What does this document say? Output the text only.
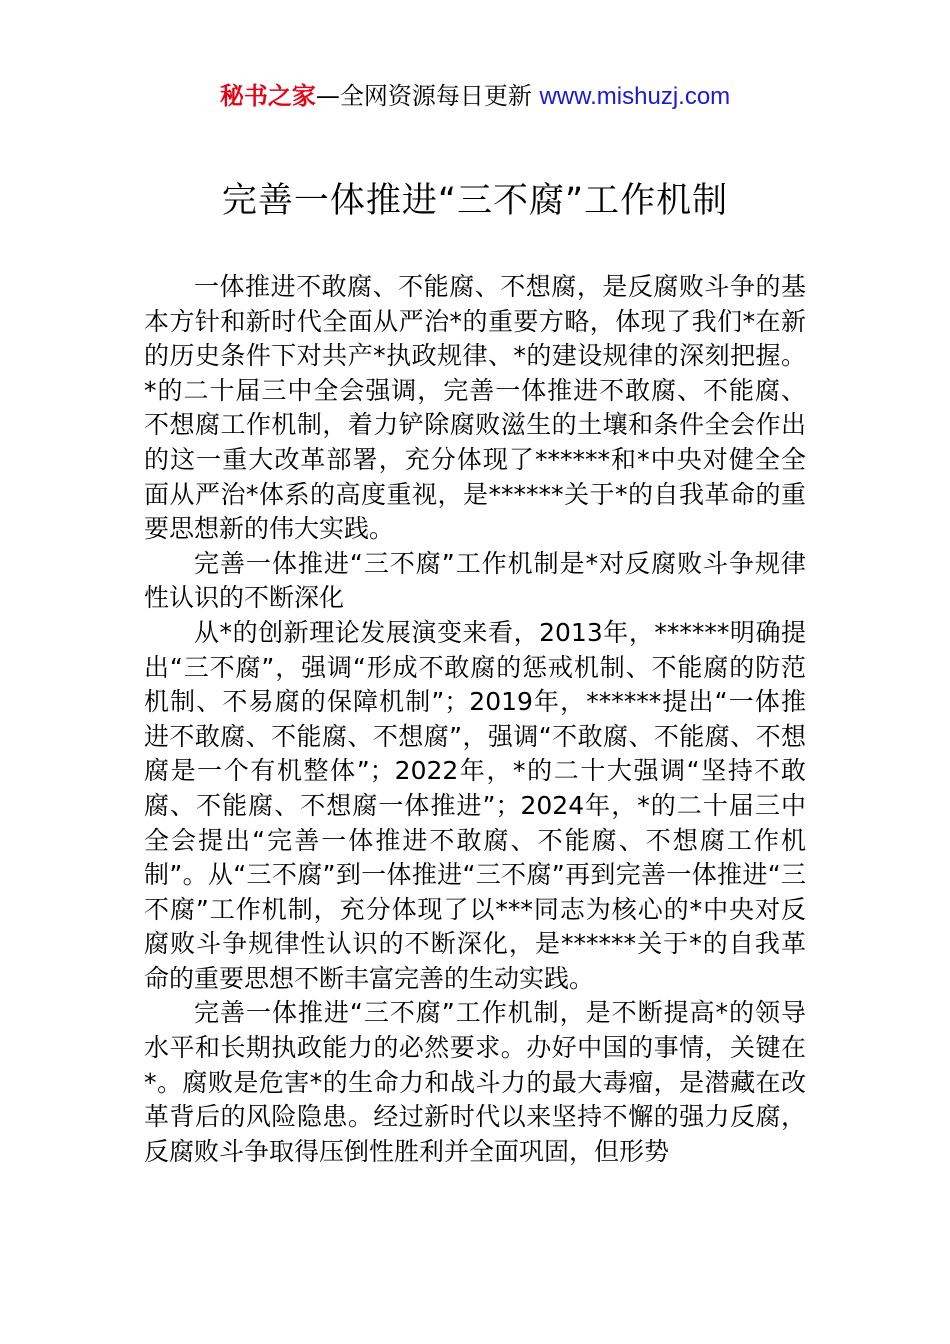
秘书之家—全网资源每日更新 www.mishuzj.com
完善一体推进“三不腐”工作机制

一体推进不敢腐、不能腐、不想腐，是反腐败斗争的基本方针和新时代全面从严治*的重要方略，体现了我们*在新的历史条件下对共产*执政规律、*的建设规律的深刻把握。*的二十届三中全会强调，完善一体推进不敢腐、不能腐、不想腐工作机制，着力铲除腐败滋生的土壤和条件全会作出的这一重大改革部署，充分体现了******和*中央对健全全面从严治*体系的高度重视，是******关于*的自我革命的重要思想新的伟大实践。

完善一体推进“三不腐”工作机制是*对反腐败斗争规律性认识的不断深化

从*的创新理论发展演变来看，2013年，******明确提出“三不腐”，强调“形成不敢腐的惩戒机制、不能腐的防范机制、不易腐的保障机制”；2019年，******提出“一体推进不敢腐、不能腐、不想腐”，强调“不敢腐、不能腐、不想腐是一个有机整体”；2022年，*的二十大强调“坚持不敢腐、不能腐、不想腐一体推进”；2024年，*的二十届三中全会提出“完善一体推进不敢腐、不能腐、不想腐工作机制”。从“三不腐”到一体推进“三不腐”再到完善一体推进“三不腐”工作机制，充分体现了以***同志为核心的*中央对反腐败斗争规律性认识的不断深化，是******关于*的自我革命的重要思想不断丰富完善的生动实践。

完善一体推进“三不腐”工作机制，是不断提高*的领导水平和长期执政能力的必然要求。办好中国的事情，关键在*。腐败是危害*的生命力和战斗力的最大毒瘤，是潜藏在改革背后的风险隐患。经过新时代以来坚持不懈的强力反腐，反腐败斗争取得压倒性胜利并全面巩固，但形势
